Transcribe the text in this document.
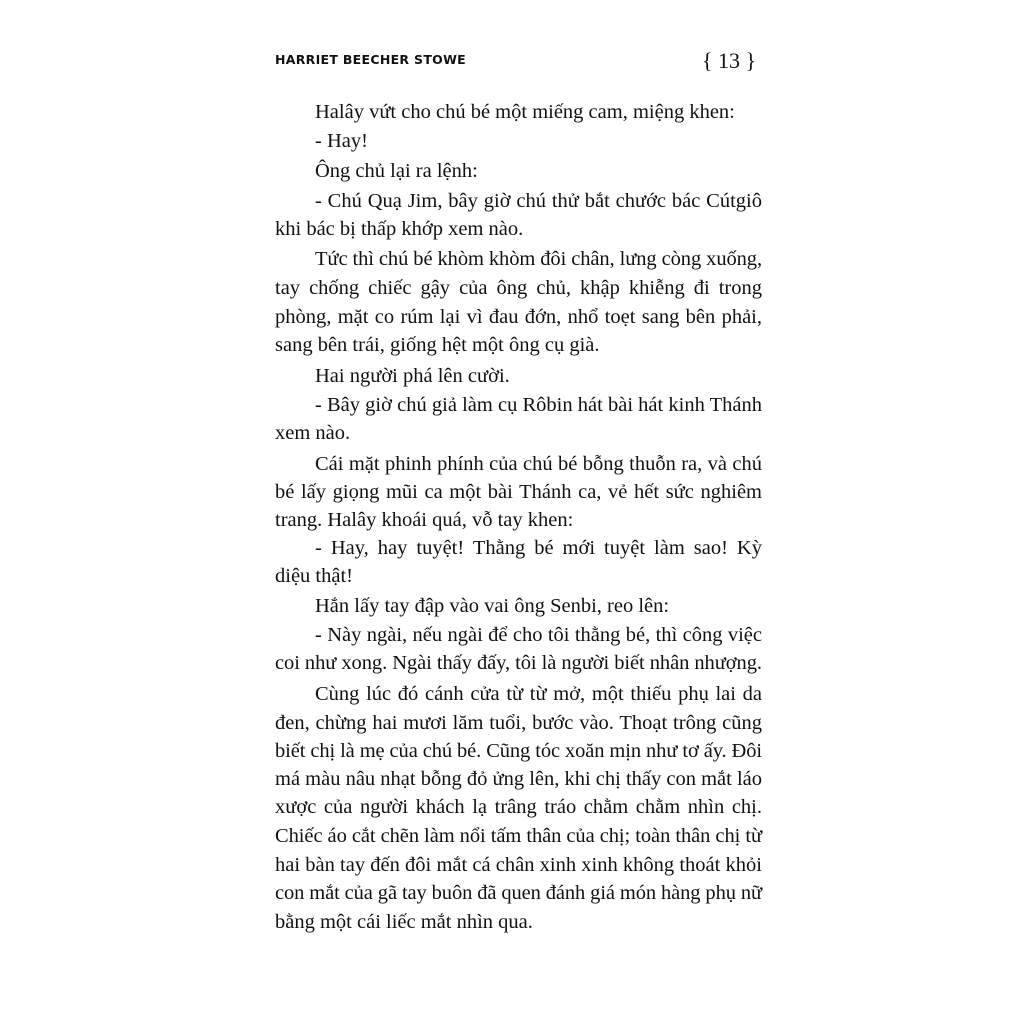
HARRIET BEECHER STOWE	{ 13 }
Halây vứt cho chú bé một miếng cam, miệng khen:
- Hay!
Ông chủ lại ra lệnh:
- Chú Quạ Jim, bây giờ chú thử bắt chước bác Cútgiô
khi bác bị thấp khớp xem nào.
Tức thì chú bé khòm khòm đôi chân, lưng còng xuống,
tay chống chiếc gậy của ông chủ, khập khiễng đi trong
phòng, mặt co rúm lại vì đau đớn, nhổ toẹt sang bên phải,
sang bên trái, giống hệt một ông cụ già.
Hai người phá lên cười.
- Bây giờ chú giả làm cụ Rôbin hát bài hát kinh Thánh
xem nào.
Cái mặt phinh phính của chú bé bỗng thuỗn ra, và chú
bé lấy giọng mũi ca một bài Thánh ca, vẻ hết sức nghiêm
trang. Halây khoái quá, vỗ tay khen:
- Hay, hay tuyệt! Thằng bé mới tuyệt làm sao! Kỳ
diệu thật!
Hắn lấy tay đập vào vai ông Senbi, reo lên:
- Này ngài, nếu ngài để cho tôi thằng bé, thì công việc
coi như xong. Ngài thấy đấy, tôi là người biết nhân nhượng.
Cùng lúc đó cánh cửa từ từ mở, một thiếu phụ lai da
đen, chừng hai mươi lăm tuổi, bước vào. Thoạt trông cũng
biết chị là mẹ của chú bé. Cũng tóc xoăn mịn như tơ ấy. Đôi
má màu nâu nhạt bỗng đỏ ửng lên, khi chị thấy con mắt láo
xược của người khách lạ trâng tráo chằm chằm nhìn chị.
Chiếc áo cắt chẽn làm nổi tấm thân của chị; toàn thân chị từ
hai bàn tay đến đôi mắt cá chân xinh xinh không thoát khỏi
con mắt của gã tay buôn đã quen đánh giá món hàng phụ nữ
bằng một cái liếc mắt nhìn qua.
